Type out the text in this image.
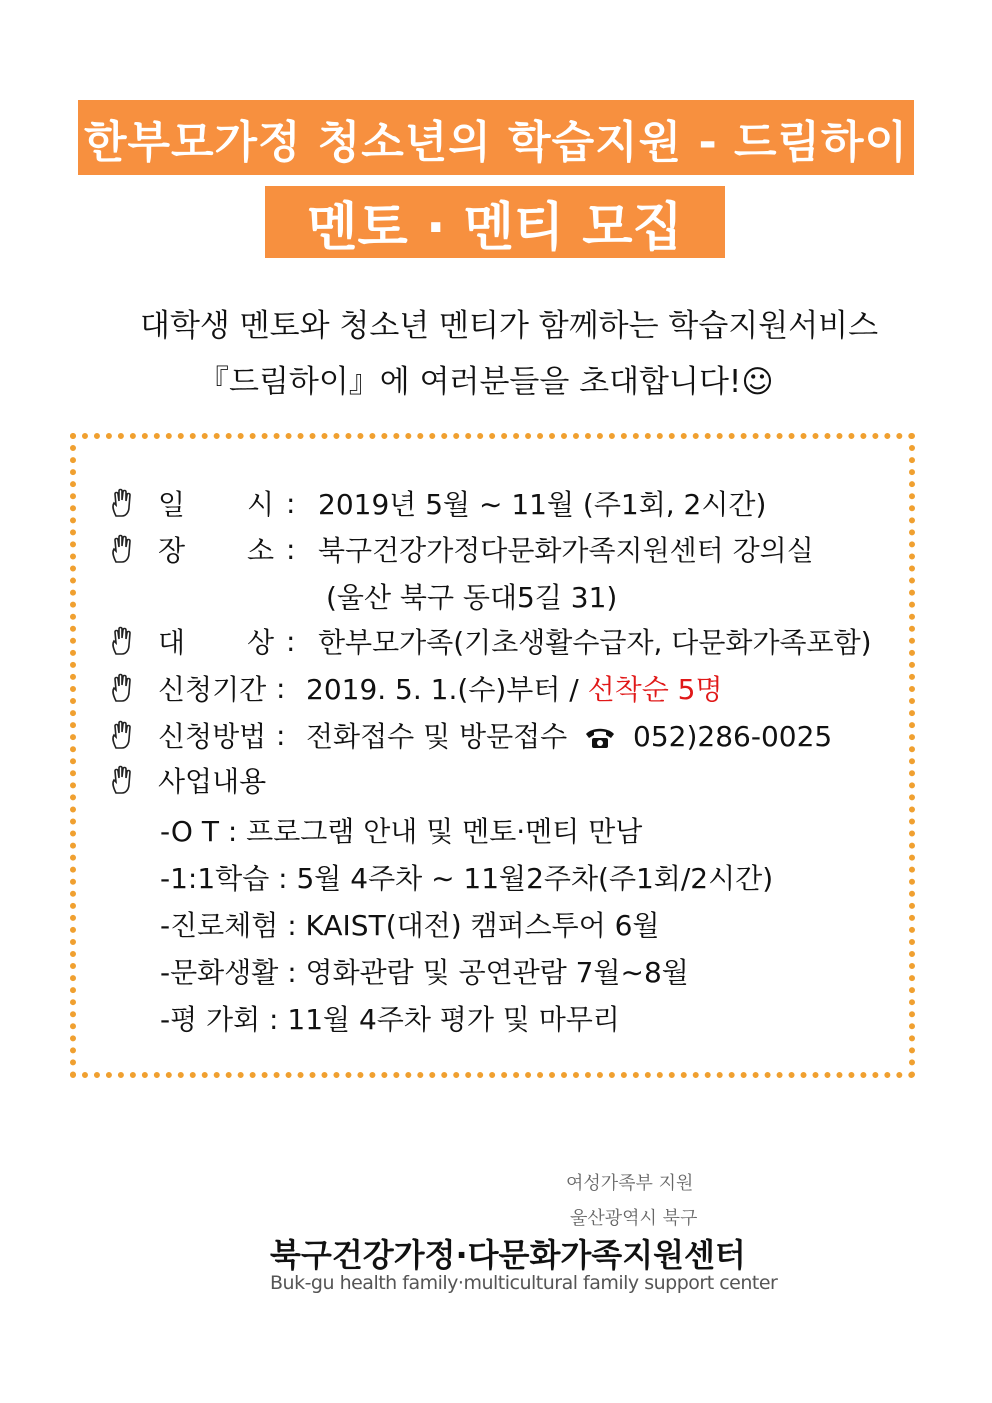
한부모가정 청소년의 학습지원 - 드림하이
멘토 · 멘티 모집
대학생 멘토와 청소년 멘티가 함께하는 학습지원서비스
『드림하이』에 여러분들을 초대합니다!☺
일 시 : 2019년 5월 ∼ 11월 (주1회, 2시간)
장 소 : 북구건강가정다문화가족지원센터 강의실
(울산 북구 동대5길 31)
대 상 : 한부모가족(기초생활수급자, 다문화가족포함)
신청기간 : 2019. 5. 1.(수)부터 / 선착순 5명
신청방법 : 전화접수 및 방문접수 052)286-0025
사업내용
-O T : 프로그램 안내 및 멘토·멘티 만남
-1:1학습 : 5월 4주차 ∼ 11월2주차(주1회/2시간)
-진로체험 : KAIST(대전) 캠퍼스투어 6월
-문화생활 : 영화관람 및 공연관람 7월∼8월
-평 가회 : 11월 4주차 평가 및 마무리
여성가족부 지원
울산광역시 북구
북구건강가정·다문화가족지원센터
Buk-gu health family·multicultural family support center
